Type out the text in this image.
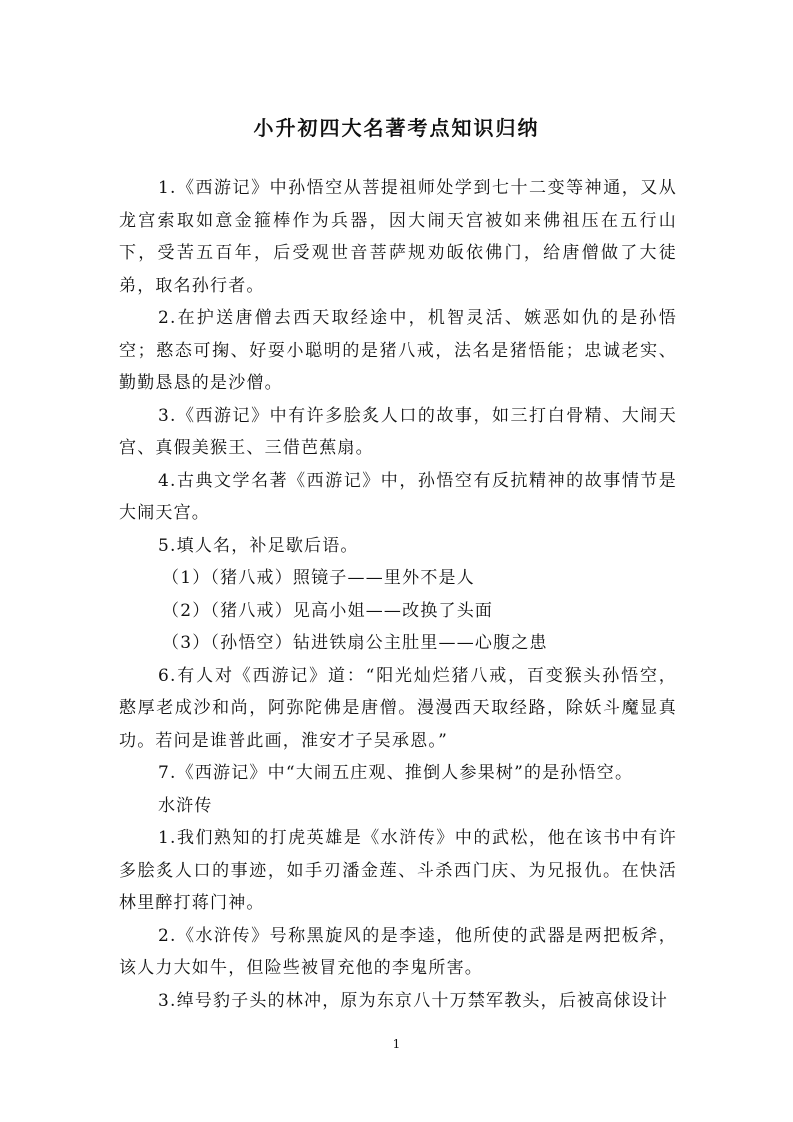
小升初四大名著考点知识归纳

1.《西游记》中孙悟空从菩提祖师处学到七十二变等神通，又从龙宫索取如意金箍棒作为兵器，因大闹天宫被如来佛祖压在五行山下，受苦五百年，后受观世音菩萨规劝皈依佛门，给唐僧做了大徒弟，取名孙行者。

2.在护送唐僧去西天取经途中，机智灵活、嫉恶如仇的是孙悟空；憨态可掬、好耍小聪明的是猪八戒，法名是猪悟能；忠诚老实、勤勤恳恳的是沙僧。

3.《西游记》中有许多脍炙人口的故事，如三打白骨精、大闹天宫、真假美猴王、三借芭蕉扇。

4.古典文学名著《西游记》中，孙悟空有反抗精神的故事情节是大闹天宫。

5.填人名，补足歇后语。

（1）（猪八戒）照镜子——里外不是人

（2）（猪八戒）见高小姐——改换了头面

（3）（孙悟空）钻进铁扇公主肚里——心腹之患

6.有人对《西游记》道：“阳光灿烂猪八戒，百变猴头孙悟空，憨厚老成沙和尚，阿弥陀佛是唐僧。漫漫西天取经路，除妖斗魔显真功。若问是谁普此画，淮安才子吴承恩。”

7.《西游记》中“大闹五庄观、推倒人参果树”的是孙悟空。

水浒传

1.我们熟知的打虎英雄是《水浒传》中的武松，他在该书中有许多脍炙人口的事迹，如手刃潘金莲、斗杀西门庆、为兄报仇。在快活林里醉打蒋门神。

2.《水浒传》号称黑旋风的是李逵，他所使的武器是两把板斧，该人力大如牛，但险些被冒充他的李鬼所害。

3.绰号豹子头的林冲，原为东京八十万禁军教头，后被高俅设计

1
